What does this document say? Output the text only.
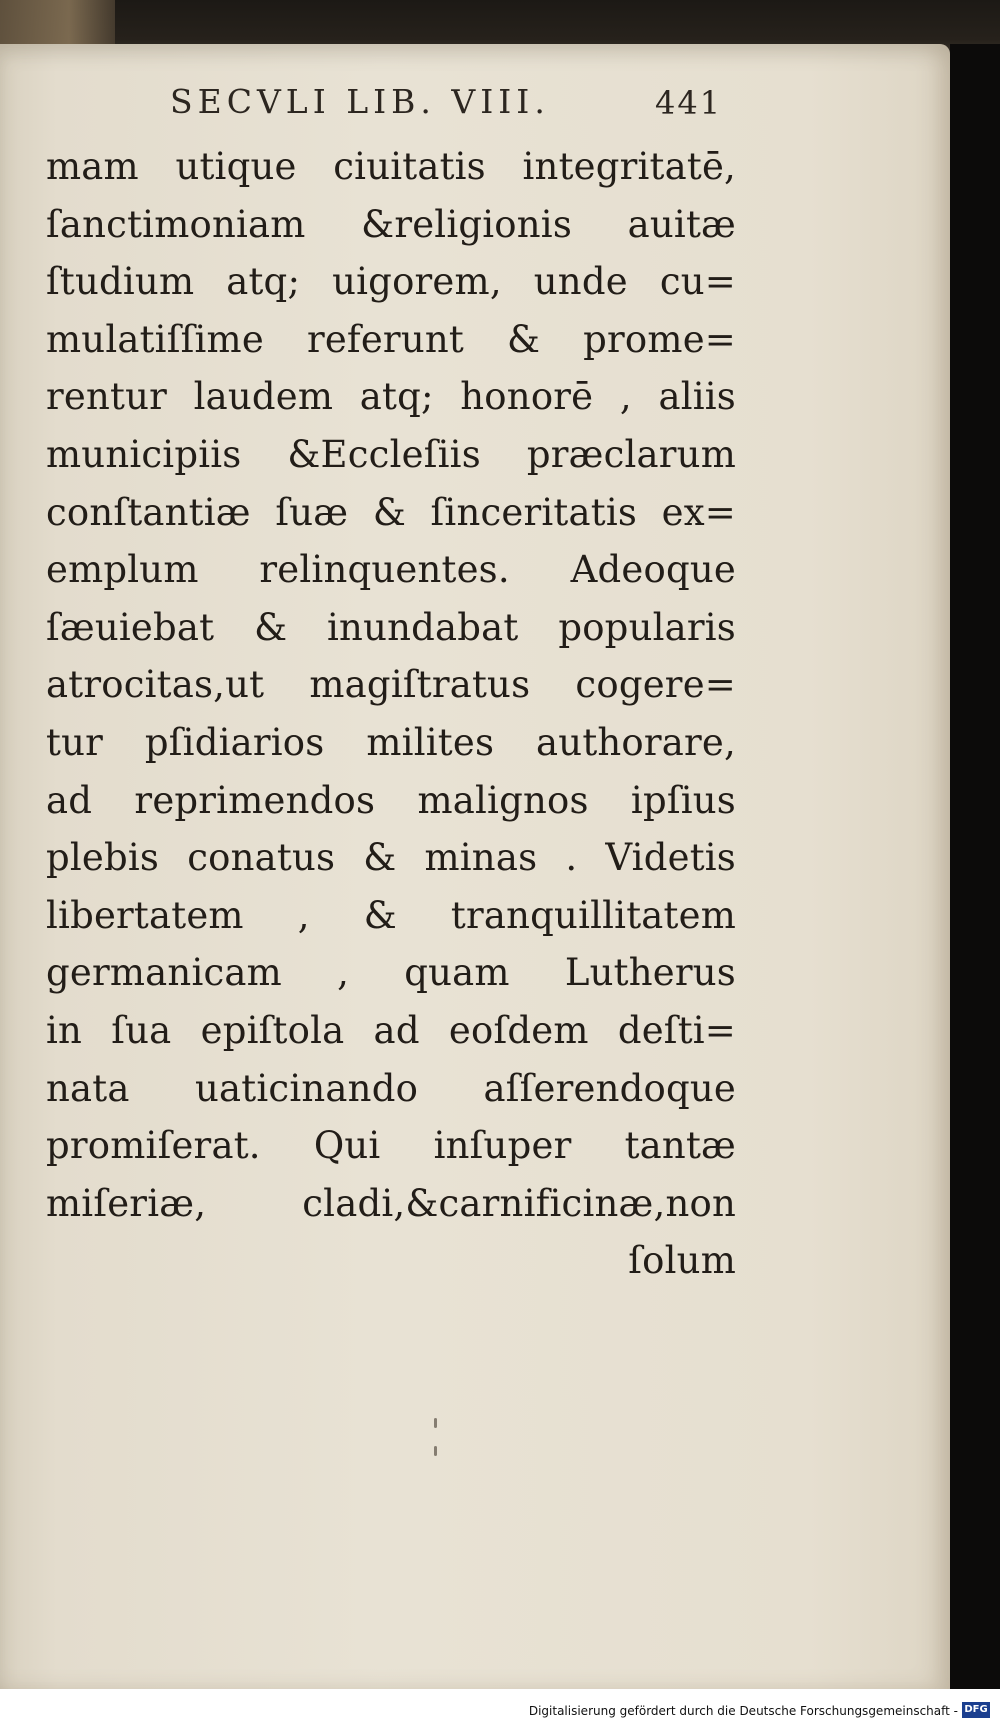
SECVLI LIB. VIII.	441
mam utique ciuitatis integritatē,
ſanctimoniam &religionis auitæ
ſtudium atq; uigorem, unde cu=
mulatiſſime referunt & prome=
rentur laudem atq; honorē , aliis
municipiis &Eccleſiis præclarum
conſtantiæ ſuæ & ſinceritatis ex=
emplum relinquentes. Adeoque
ſæuiebat & inundabat popularis
atrocitas,ut magiſtratus cogere=
tur pſidiarios milites authorare,
ad reprimendos malignos ipſius
plebis conatus & minas . Videtis
libertatem , & tranquillitatem
germanicam , quam Lutherus
in ſua epiſtola ad eoſdem deſti=
nata uaticinando aſſerendoque
promiſerat. Qui inſuper tantæ
miſeriæ, cladi,&carnificinæ,non
ſolum
Digitalisierung gefördert durch die Deutsche Forschungsgemeinschaft - DFG
